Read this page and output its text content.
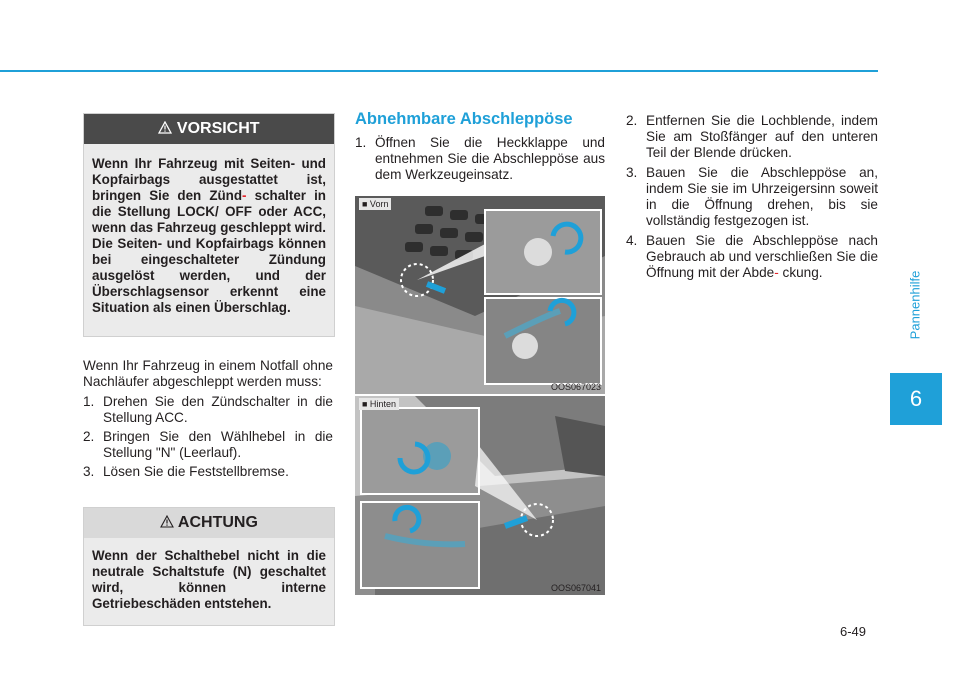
Pannenhilfe
6
VORSICHT
Wenn Ihr Fahrzeug mit Seiten- und Kopfairbags ausgestattet ist, bringen Sie den Zünd- schalter in die Stellung LOCK/ OFF oder ACC, wenn das Fahrzeug geschleppt wird. Die Seiten- und Kopfairbags können bei eingeschalteter Zündung ausgelöst werden, und der Überschlagsensor erkennt eine Situation als einen Überschlag.

Wenn Ihr Fahrzeug in einem Notfall ohne Nachläufer abgeschleppt werden muss:

1. Drehen Sie den Zündschalter in die Stellung ACC.
2. Bringen Sie den Wählhebel in die Stellung "N" (Leerlauf).
3. Lösen Sie die Feststellbremse.
ACHTUNG
Wenn der Schalthebel nicht in die neutrale Schaltstufe (N) geschaltet wird, können interne Getriebeschäden entstehen.
Abnehmbare Abschleppöse
1. Öffnen Sie die Heckklappe und entnehmen Sie die Abschleppöse aus dem Werkzeugeinsatz.
■ Vorn
OOS067023
■ Hinten
OOS067041
2. Entfernen Sie die Lochblende, indem Sie am Stoßfänger auf den unteren Teil der Blende drücken.
3. Bauen Sie die Abschleppöse an, indem Sie sie im Uhrzeigersinn soweit in die Öffnung drehen, bis sie vollständig festgezogen ist.
4. Bauen Sie die Abschleppöse nach Gebrauch ab und verschließen Sie die Öffnung mit der Abde- ckung.
6-49
